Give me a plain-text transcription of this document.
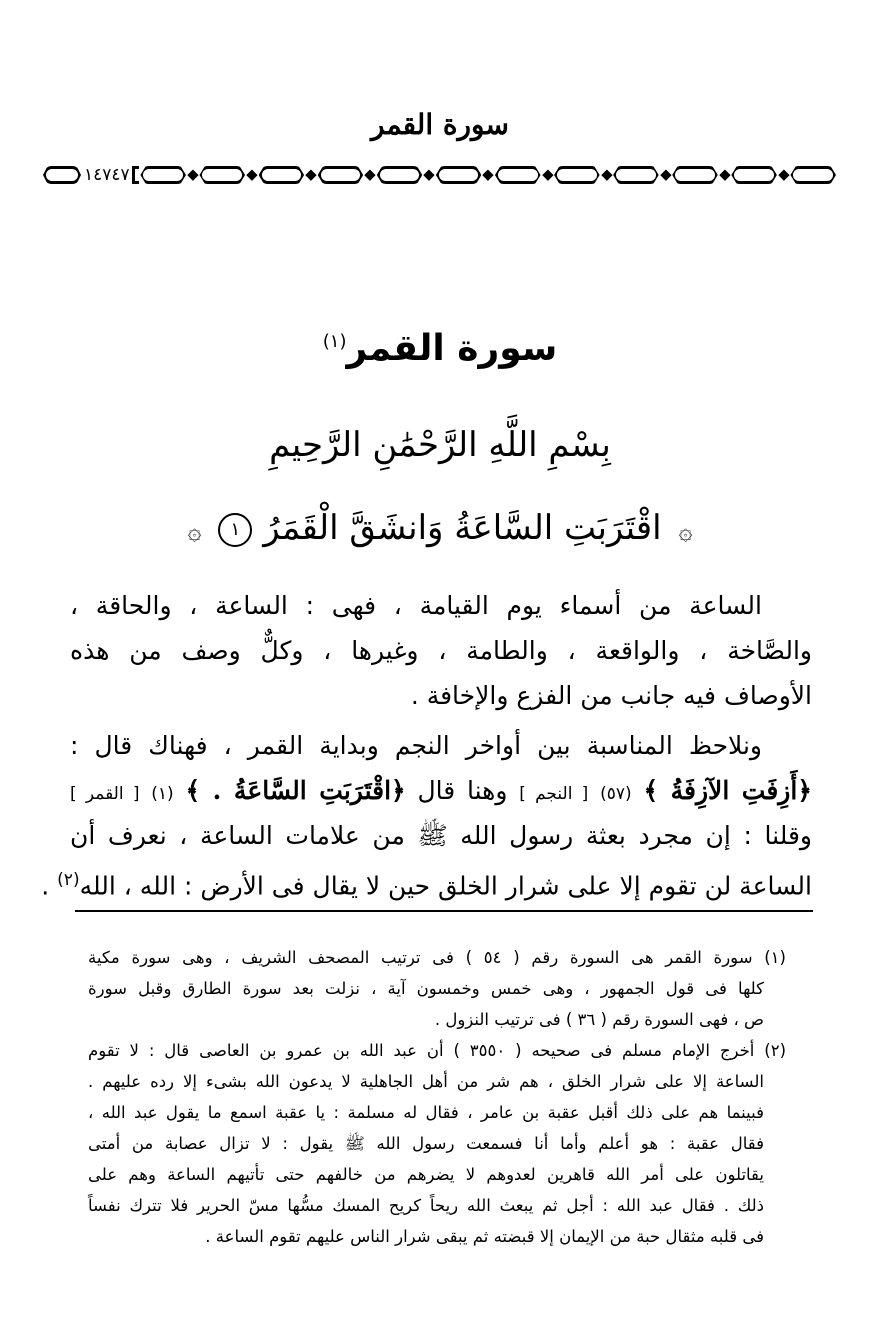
سورة القمر
١٤٧٤٧
سورة القمر$^{(١)}$
بِسْمِ اللَّهِ الرَّحْمَٰنِ الرَّحِيمِ
۞ اقْتَرَبَتِ السَّاعَةُ وَانشَقَّ الْقَمَرُ ١ ۞
الساعة من أسماء يوم القيامة ، فهى : الساعة ، والحاقة ،
والصَّاخة ، والواقعة ، والطامة ، وغيرها ، وكلٌّ وصف من هذه
الأوصاف فيه جانب من الفزع والإخافة .
ونلاحظ المناسبة بين أواخر النجم وبداية القمر ، فهناك قال :
﴿أَزِفَتِ الآزِفَةُ ﴾ (٥٧) [ النجم ] وهنا قال ﴿اقْتَرَبَتِ السَّاعَةُ . ﴾ (١) [ القمر ]
وقلنا : إن مجرد بعثة رسول الله ﷺ من علامات الساعة ، نعرف أن
الساعة لن تقوم إلا على شرار الخلق حين لا يقال فى الأرض : الله ، الله$^{(٢)}$ .
(١) سورة القمر هى السورة رقم ( ٥٤ ) فى ترتيب المصحف الشريف ، وهى سورة مكية
كلها فى قول الجمهور ، وهى خمس وخمسون آية ، نزلت بعد سورة الطارق وقبل سورة
ص ، فهى السورة رقم ( ٣٦ ) فى ترتيب النزول .
(٢) أخرج الإمام مسلم فى صحيحه ( ٣٥٥٠ ) أن عبد الله بن عمرو بن العاصى قال : لا تقوم
الساعة إلا على شرار الخلق ، هم شر من أهل الجاهلية لا يدعون الله بشىء إلا رده عليهم .
فبينما هم على ذلك أقبل عقبة بن عامر ، فقال له مسلمة : يا عقبة اسمع ما يقول عبد الله ،
فقال عقبة : هو أعلم وأما أنا فسمعت رسول الله ﷺ يقول : لا تزال عصابة من أمتى
يقاتلون على أمر الله قاهرين لعدوهم لا يضرهم من خالفهم حتى تأتيهم الساعة وهم على
ذلك . فقال عبد الله : أجل ثم يبعث الله ريحاً كريح المسك مسُّها مسّ الحرير فلا تترك نفساً
فى قلبه مثقال حبة من الإيمان إلا قبضته ثم يبقى شرار الناس عليهم تقوم الساعة .
